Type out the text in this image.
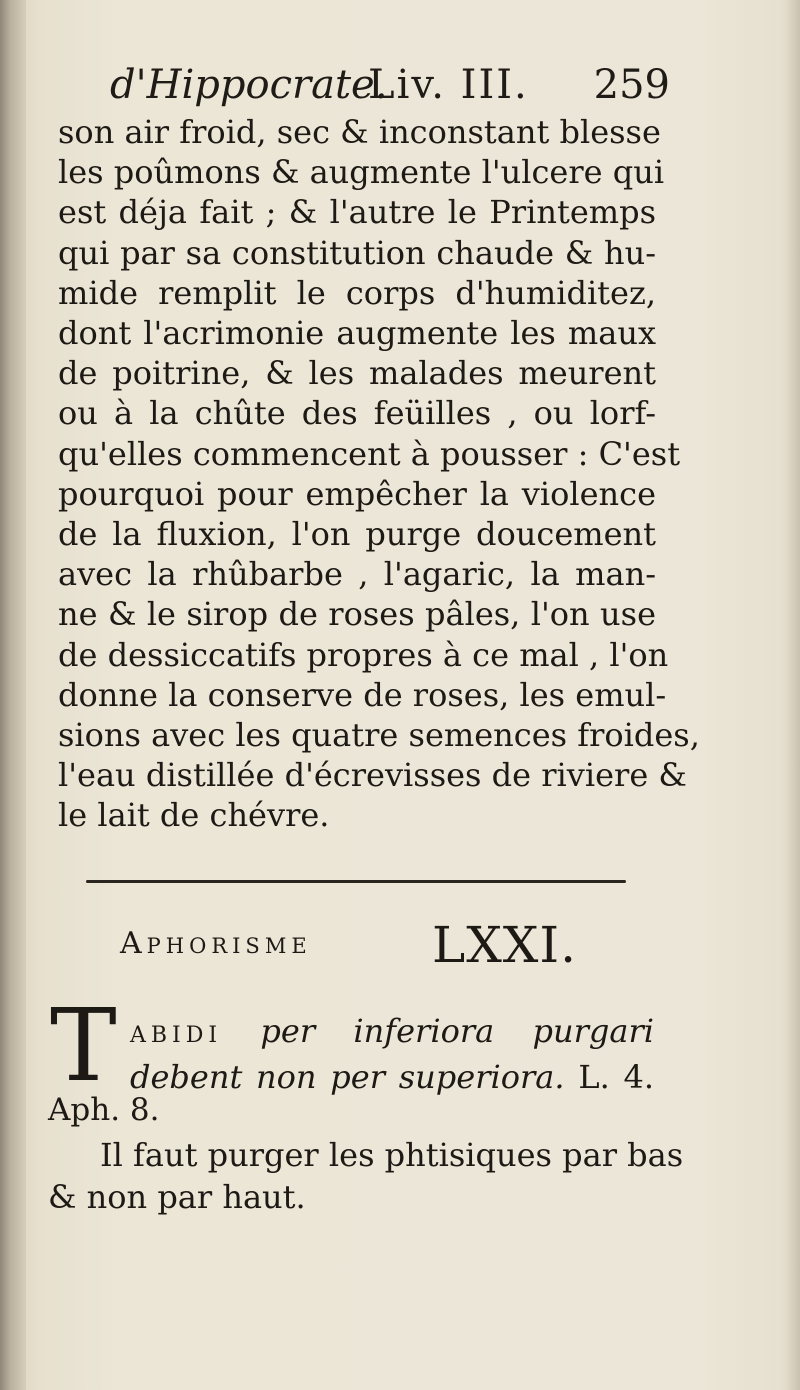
d'Hippocrate.
Liv. III. 259
son air froid, sec & inconstant blesse
les poûmons & augmente l'ulcere qui
est déja fait ; & l'autre le Printemps
qui par sa constitution chaude & hu-
mide remplit le corps d'humiditez,
dont l'acrimonie augmente les maux
de poitrine, & les malades meurent
ou à la chûte des feüilles , ou lorf-
qu'elles commencent à pousser : C'est
pourquoi pour empêcher la violence
de la fluxion, l'on purge doucement
avec la rhûbarbe , l'agaric, la man-
ne & le sirop de roses pâles, l'on use
de dessiccatifs propres à ce mal , l'on
donne la conserve de roses, les emul-
sions avec les quatre semences froides,
l'eau distillée d'écrevisses de riviere &
le lait de chévre.
Aphorisme LXXI.
T abidi per inferiora purgari
debent non per superiora. L. 4.
Aph. 8.
Il faut purger les phtisiques par bas
& non par haut.
